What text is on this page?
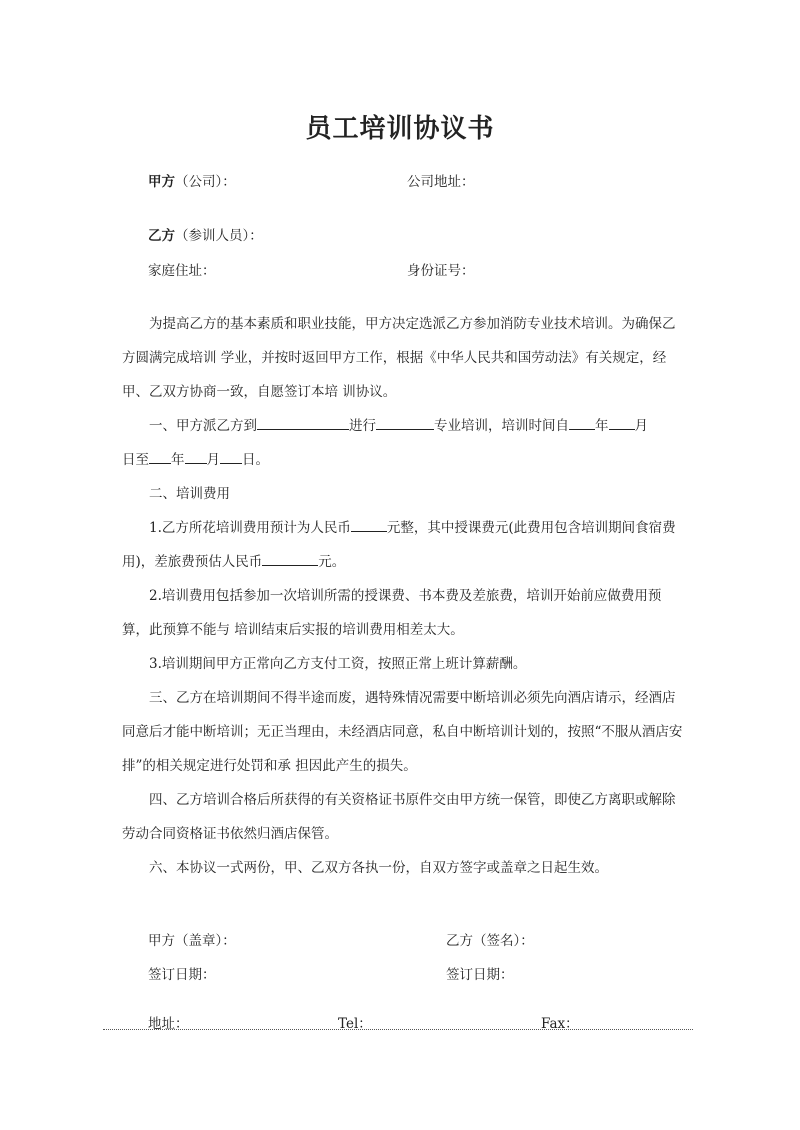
员工培训协议书
甲方（公司）：	公司地址：
乙方（参训人员）：
家庭住址：	身份证号：

为提高乙方的基本素质和职业技能，甲方决定选派乙方参加消防专业技术培训。为确保乙方圆满完成培训 学业，并按时返回甲方工作，根据《中华人民共和国劳动法》有关规定，经甲、乙双方协商一致，自愿签订本培 训协议。

一、甲方派乙方到	进行	专业培训，培训时间自 年 月

日至 年 月 日。

二、培训费用

1.乙方所花培训费用预计为人民币	元整，其中授课费元(此费用包含培训期间食宿费用)，差旅费预估人民币	元。

2.培训费用包括参加一次培训所需的授课费、书本费及差旅费，培训开始前应做费用预算，此预算不能与 培训结束后实报的培训费用相差太大。

3.培训期间甲方正常向乙方支付工资，按照正常上班计算薪酬。

三、乙方在培训期间不得半途而废，遇特殊情况需要中断培训必须先向酒店请示，经酒店同意后才能中断培训；无正当理由，未经酒店同意，私自中断培训计划的，按照“不服从酒店安排”的相关规定进行处罚和承 担因此产生的损失。

四、乙方培训合格后所获得的有关资格证书原件交由甲方统一保管，即使乙方离职或解除劳动合同资格证书依然归酒店保管。

六、本协议一式两份，甲、乙双方各执一份，自双方签字或盖章之日起生效。

甲方（盖章）：	乙方（签名）：
签订日期：	签订日期：
地址：	Tel：	Fax：
